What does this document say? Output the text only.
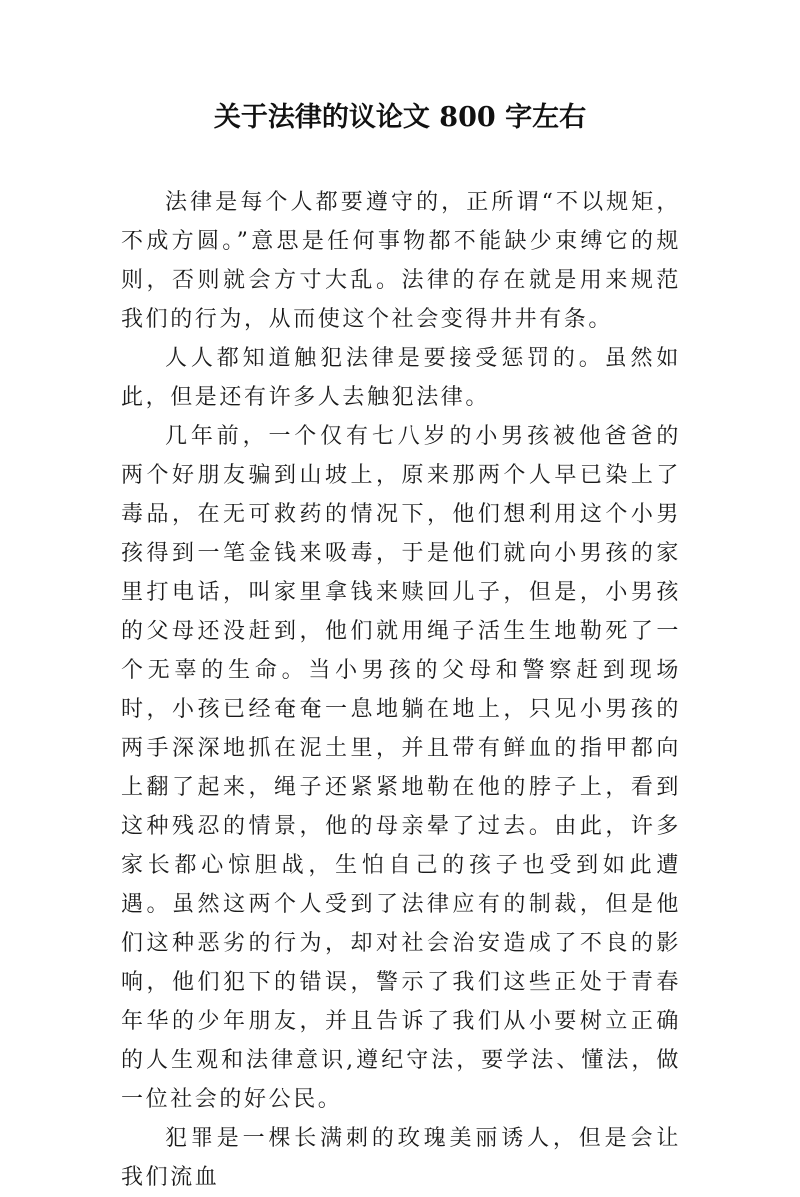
关于法律的议论文 800 字左右

法律是每个人都要遵守的，正所谓“不以规矩，不成方圆。”意思是任何事物都不能缺少束缚它的规则，否则就会方寸大乱。法律的存在就是用来规范我们的行为，从而使这个社会变得井井有条。

人人都知道触犯法律是要接受惩罚的。虽然如此，但是还有许多人去触犯法律。

几年前，一个仅有七八岁的小男孩被他爸爸的两个好朋友骗到山坡上，原来那两个人早已染上了毒品，在无可救药的情况下，他们想利用这个小男孩得到一笔金钱来吸毒，于是他们就向小男孩的家里打电话，叫家里拿钱来赎回儿子，但是，小男孩的父母还没赶到，他们就用绳子活生生地勒死了一个无辜的生命。当小男孩的父母和警察赶到现场时，小孩已经奄奄一息地躺在地上，只见小男孩的两手深深地抓在泥土里，并且带有鲜血的指甲都向上翻了起来，绳子还紧紧地勒在他的脖子上，看到这种残忍的情景，他的母亲晕了过去。由此，许多家长都心惊胆战，生怕自己的孩子也受到如此遭遇。虽然这两个人受到了法律应有的制裁，但是他们这种恶劣的行为，却对社会治安造成了不良的影响，他们犯下的错误，警示了我们这些正处于青春年华的少年朋友，并且告诉了我们从小要树立正确的人生观和法律意识,遵纪守法，要学法、懂法，做一位社会的好公民。

犯罪是一棵长满刺的玫瑰美丽诱人，但是会让我们流血
